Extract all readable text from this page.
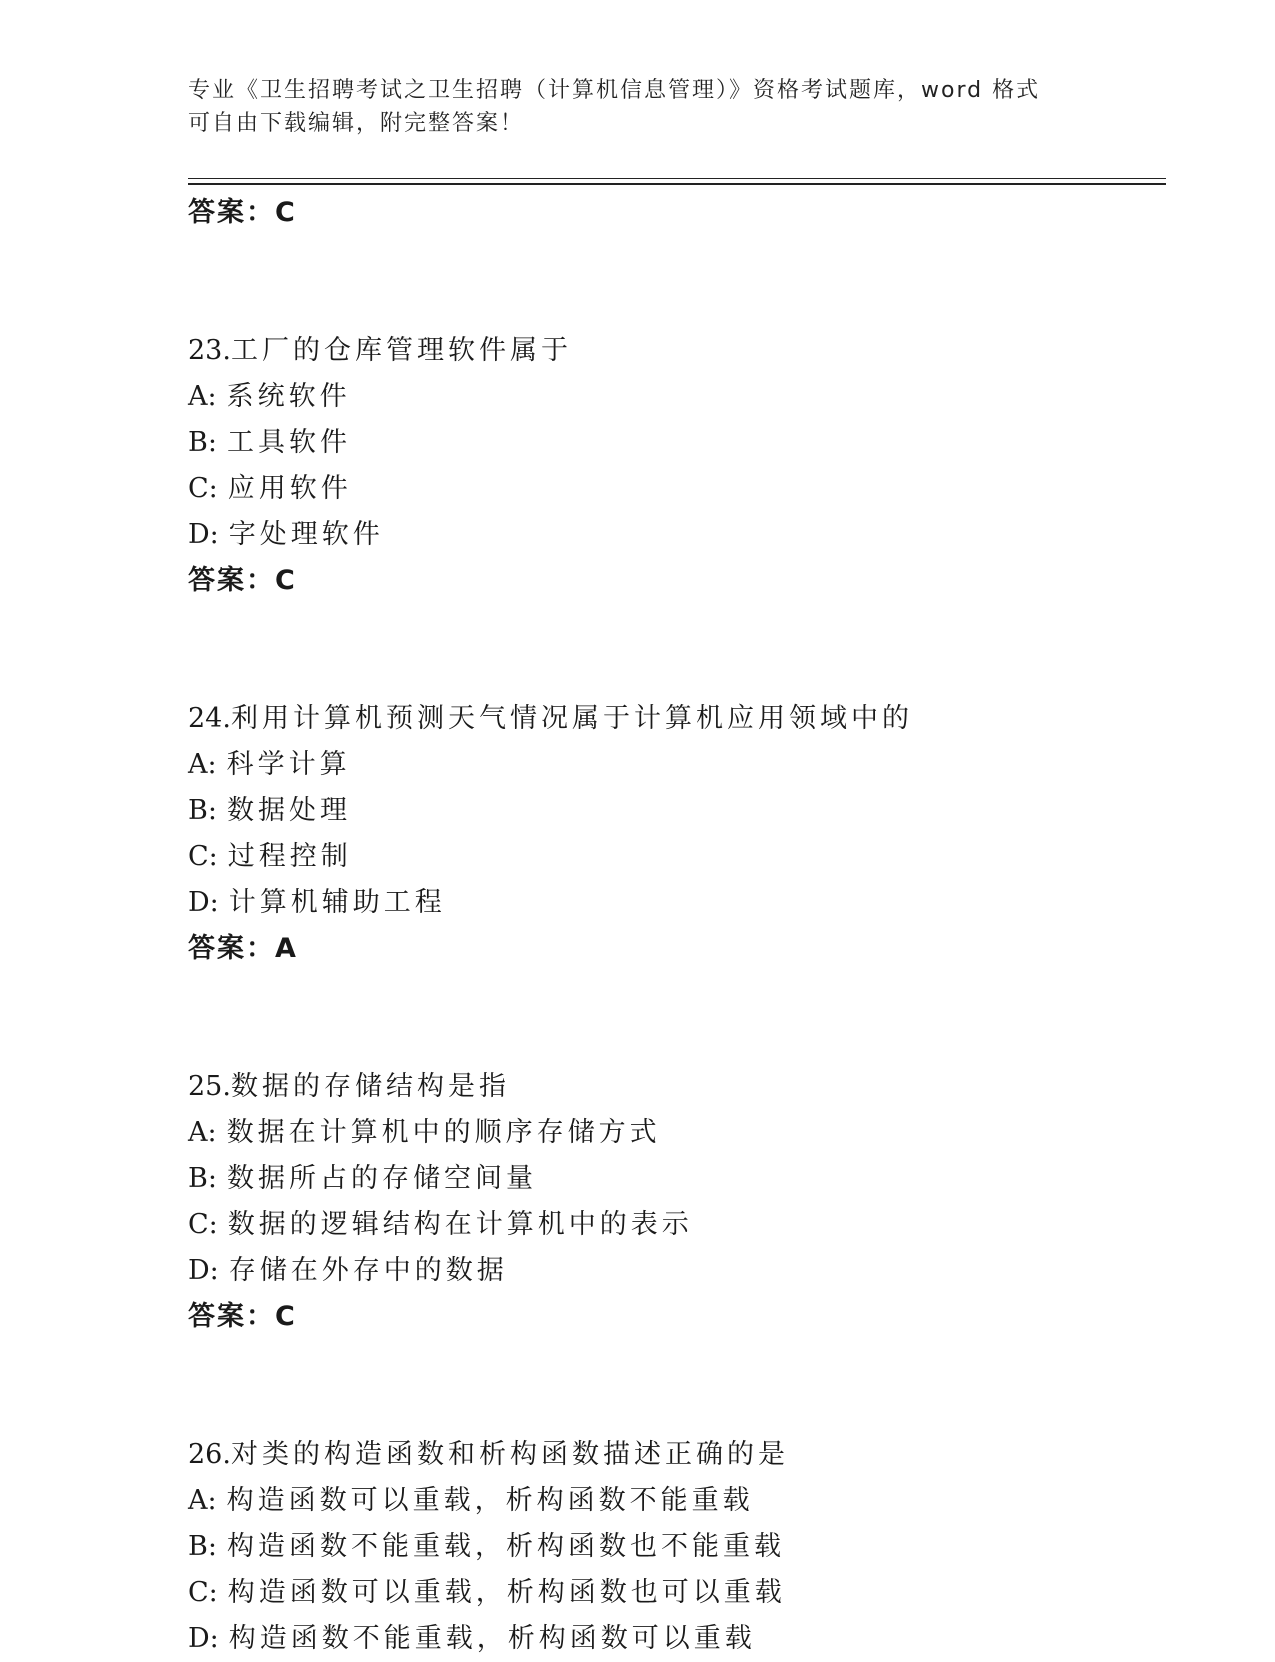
专业《卫生招聘考试之卫生招聘（计算机信息管理）》资格考试题库，word 格式
可自由下载编辑，附完整答案！
答案：C
23.工厂的仓库管理软件属于
A: 系统软件
B: 工具软件
C: 应用软件
D: 字处理软件
答案：C
24.利用计算机预测天气情况属于计算机应用领域中的
A: 科学计算
B: 数据处理
C: 过程控制
D: 计算机辅助工程
答案：A
25.数据的存储结构是指
A: 数据在计算机中的顺序存储方式
B: 数据所占的存储空间量
C: 数据的逻辑结构在计算机中的表示
D: 存储在外存中的数据
答案：C
26.对类的构造函数和析构函数描述正确的是
A: 构造函数可以重载，析构函数不能重载
B: 构造函数不能重载，析构函数也不能重载
C: 构造函数可以重载，析构函数也可以重载
D: 构造函数不能重载，析构函数可以重载
